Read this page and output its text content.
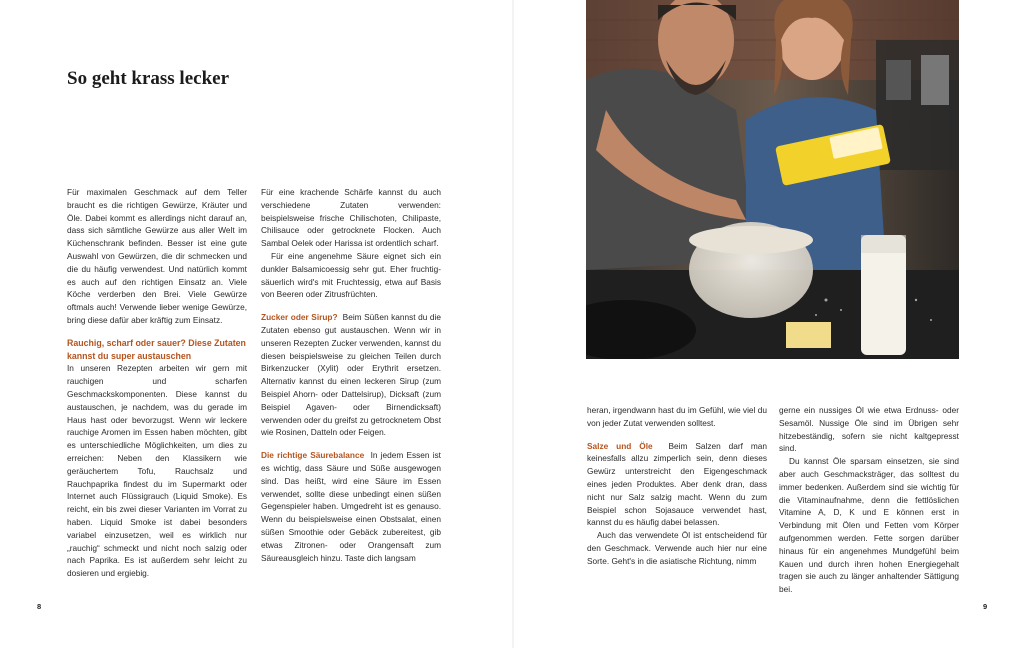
So geht krass lecker

Für maximalen Geschmack auf dem Teller braucht es die richtigen Gewürze, Kräuter und Öle. Dabei kommt es allerdings nicht darauf an, dass sich sämtliche Gewürze aus aller Welt im Küchenschrank befinden. Besser ist eine gute Auswahl von Gewürzen, die dir schmecken und die du häufig verwendest. Und natürlich kommt es auch auf den richtigen Einsatz an. Viele Köche verderben den Brei. Viele Gewürze oftmals auch! Verwende lieber wenige Gewürze, bring diese dafür aber kräftig zum Einsatz.

Rauchig, scharf oder sauer? Diese Zutaten kannst du super austauschen

In unseren Rezepten arbeiten wir gern mit rauchigen und scharfen Geschmackskomponenten. Diese kannst du austauschen, je nachdem, was du gerade im Haus hast oder bevorzugst. Wenn wir leckere rauchige Aromen im Essen haben möchten, gibt es unterschiedliche Möglichkeiten, um dies zu erreichen: Neben den Klassikern wie geräuchertem Tofu, Rauchsalz und Rauchpaprika findest du im Supermarkt oder Internet auch Flüssigrauch (Liquid Smoke). Es reicht, ein bis zwei dieser Varianten im Vorrat zu haben. Liquid Smoke ist dabei besonders variabel einzusetzen, weil es wirklich nur „rauchig“ schmeckt und nicht noch salzig oder nach Paprika. Es ist außerdem sehr leicht zu dosieren und ergiebig.

Für eine krachende Schärfe kannst du auch verschiedene Zutaten verwenden: beispielsweise frische Chilischoten, Chilipaste, Chilisauce oder getrocknete Flocken. Auch Sambal Oelek oder Harissa ist ordentlich scharf.

Für eine angenehme Säure eignet sich ein dunkler Balsamicoessig sehr gut. Eher fruchtig-säuerlich wird's mit Fruchtessig, etwa auf Basis von Beeren oder Zitrusfrüchten.

Zucker oder Sirup? Beim Süßen kannst du die Zutaten ebenso gut austauschen. Wenn wir in unseren Rezepten Zucker verwenden, kannst du diesen beispielsweise zu gleichen Teilen durch Birkenzucker (Xylit) oder Erythrit ersetzen. Alternativ kannst du einen leckeren Sirup (zum Beispiel Ahorn- oder Dattelsirup), Dicksaft (zum Beispiel Agaven- oder Birnendicksaft) verwenden oder du greifst zu getrocknetem Obst wie Rosinen, Datteln oder Feigen.

Die richtige Säurebalance In jedem Essen ist es wichtig, dass Säure und Süße ausgewogen sind. Das heißt, wird eine Säure im Essen verwendet, sollte diese unbedingt einen süßen Gegenspieler haben. Umgedreht ist es genauso. Wenn du beispielsweise einen Obstsalat, einen süßen Smoothie oder Gebäck zubereitest, gib etwas Zitronen- oder Orangensaft zum Säureausgleich hinzu. Taste dich langsam

heran, irgendwann hast du im Gefühl, wie viel du von jeder Zutat verwenden solltest.

Salze und Öle Beim Salzen darf man keinesfalls allzu zimperlich sein, denn dieses Gewürz unterstreicht den Eigengeschmack eines jeden Produktes. Aber denk dran, dass nicht nur Salz salzig macht. Wenn du zum Beispiel schon Sojasauce verwendet hast, kannst du es häufig dabei belassen.

Auch das verwendete Öl ist entscheidend für den Geschmack. Verwende auch hier nur eine Sorte. Geht's in die asiatische Richtung, nimm

gerne ein nussiges Öl wie etwa Erdnuss- oder Sesamöl. Nussige Öle sind im Übrigen sehr hitzebeständig, sofern sie nicht kaltgepresst sind.

Du kannst Öle sparsam einsetzen, sie sind aber auch Geschmacksträger, das solltest du immer bedenken. Außerdem sind sie wichtig für die Vitaminaufnahme, denn die fettlöslichen Vitamine A, D, K und E können erst in Verbindung mit Ölen und Fetten vom Körper aufgenommen werden. Fette sorgen darüber hinaus für ein angenehmes Mundgefühl beim Kauen und durch ihren hohen Energiegehalt tragen sie auch zu länger anhaltender Sättigung bei.

8	9
